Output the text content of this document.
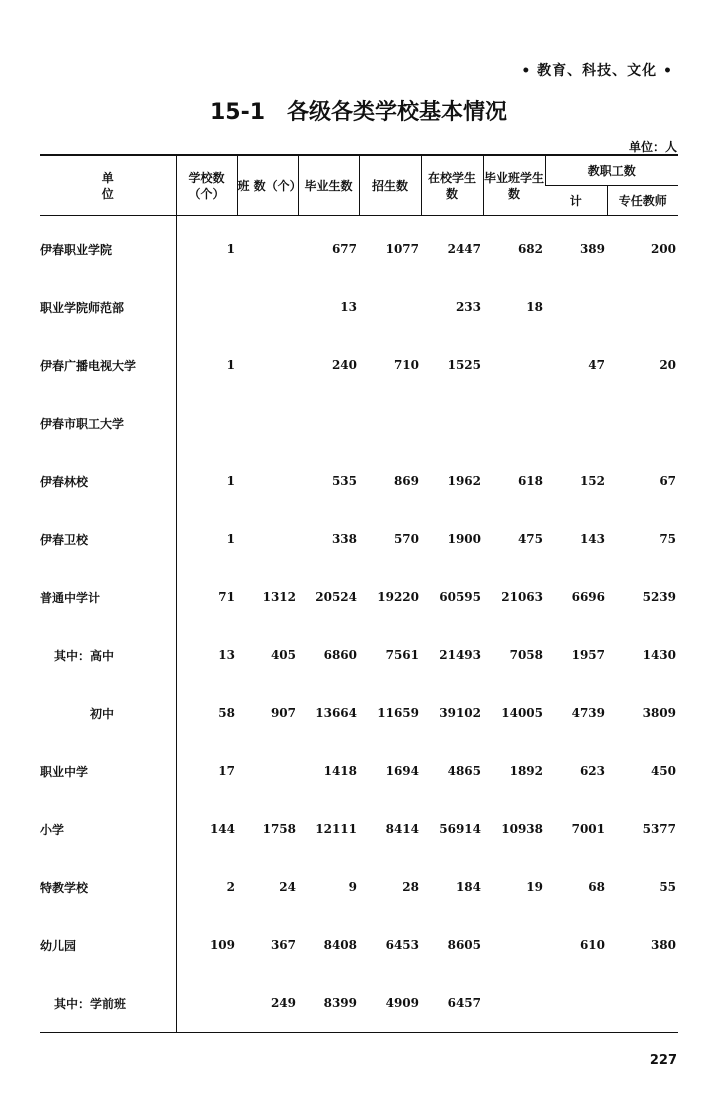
• 教育、科技、文化 •
15-1 各级各类学校基本情况
单位：人
单 位	学校数（个）	班 数（个）	毕业生数	招生数	在校学生 数	毕业班学生数	教职工数	
							计	专任教师
伊春职业学院	1		677	1077	2447	682	389	200
职业学院师范部			13		233	18		
伊春广播电视大学	1		240	710	1525		47	20
伊春市职工大学								
伊春林校	1		535	869	1962	618	152	67
伊春卫校	1		338	570	1900	475	143	75
普通中学计	71	1312	20524	19220	60595	21063	6696	5239
其中：高中	13	405	6860	7561	21493	7058	1957	1430
初中	58	907	13664	11659	39102	14005	4739	3809
职业中学	17		1418	1694	4865	1892	623	450
小学	144	1758	12111	8414	56914	10938	7001	5377
特教学校	2	24	9	28	184	19	68	55
幼儿园	109	367	8408	6453	8605		610	380
其中：学前班		249	8399	4909	6457			
227
